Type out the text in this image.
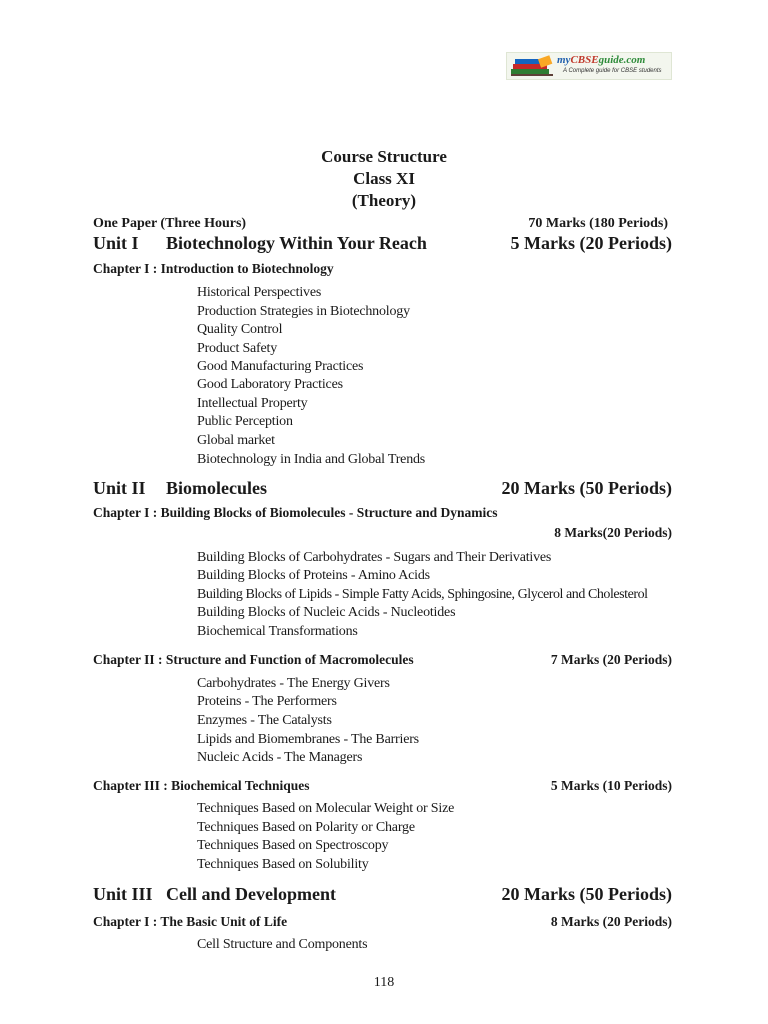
myCBSEguide.com
A Complete guide for CBSE students
Course Structure
Class XI
(Theory)
One Paper (Three Hours)	70 Marks (180 Periods)
Unit I Biotechnology Within Your Reach	5 Marks (20 Periods)
Chapter I : Introduction to Biotechnology
Historical Perspectives
Production Strategies in Biotechnology
Quality Control
Product Safety
Good Manufacturing Practices
Good Laboratory Practices
Intellectual Property
Public Perception
Global market
Biotechnology in India and Global Trends
Unit II Biomolecules	20 Marks (50 Periods)
Chapter I : Building Blocks of Biomolecules - Structure and Dynamics
8 Marks(20 Periods)
Building Blocks of Carbohydrates - Sugars and Their Derivatives
Building Blocks of Proteins - Amino Acids
Building Blocks of Lipids - Simple Fatty Acids, Sphingosine, Glycerol and Cholesterol
Building Blocks of Nucleic Acids - Nucleotides
Biochemical Transformations
Chapter II : Structure and Function of Macromolecules	7 Marks (20 Periods)
Carbohydrates - The Energy Givers
Proteins - The Performers
Enzymes - The Catalysts
Lipids and Biomembranes - The Barriers
Nucleic Acids - The Managers
Chapter III : Biochemical Techniques	5 Marks (10 Periods)
Techniques Based on Molecular Weight or Size
Techniques Based on Polarity or Charge
Techniques Based on Spectroscopy
Techniques Based on Solubility
Unit III Cell and Development	20 Marks (50 Periods)
Chapter I : The Basic Unit of Life	8 Marks (20 Periods)
Cell Structure and Components
118
